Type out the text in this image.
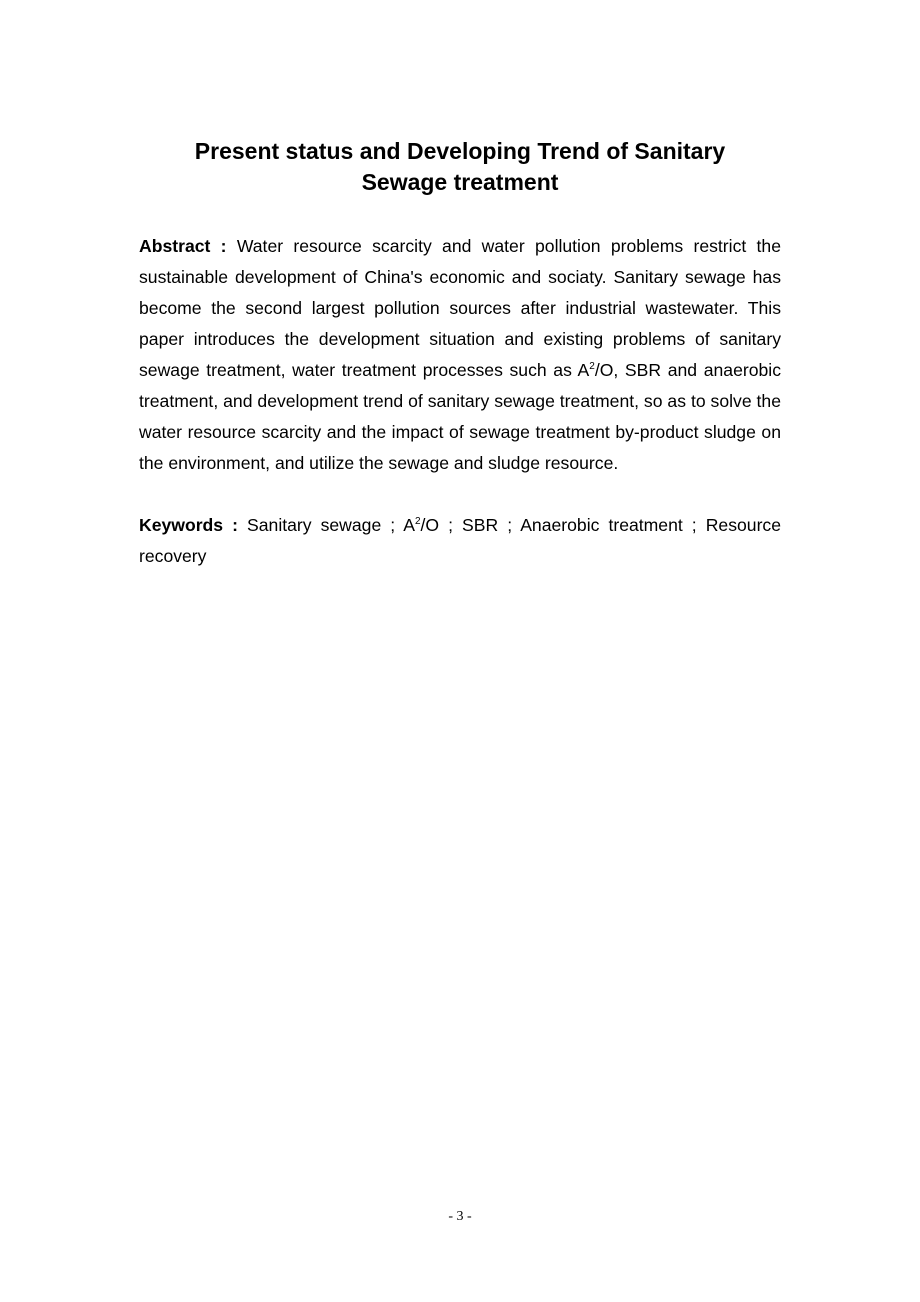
Present status and Developing Trend of Sanitary
Sewage treatment

Abstract : Water resource scarcity and water pollution problems restrict the sustainable development of China's economic and sociaty. Sanitary sewage has become the second largest pollution sources after industrial wastewater. This paper introduces the development situation and existing problems of sanitary sewage treatment, water treatment processes such as $A^2/O$, SBR and anaerobic treatment, and development trend of sanitary sewage treatment, so as to solve the water resource scarcity and the impact of sewage treatment by-product sludge on the environment, and utilize the sewage and sludge resource.

Keywords : Sanitary sewage ; $A^2/O$ ; SBR ; Anaerobic treatment ; Resource recovery

- 3 -
